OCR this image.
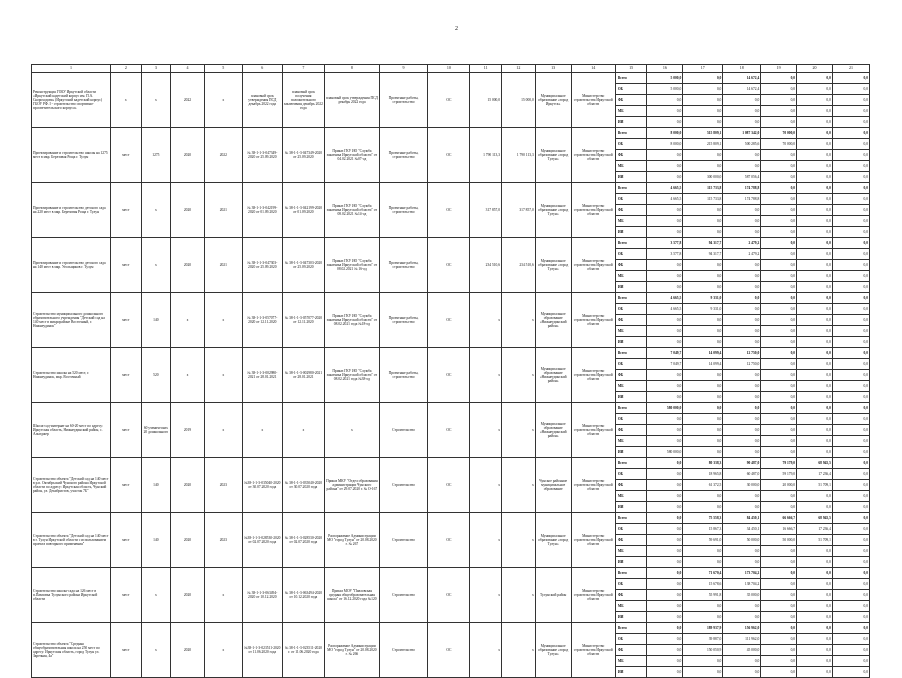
2
1	2	3	4	5	6	7	8	9	10	11	12	13	14	15	16	17	18	19	20	21
Реконструкция ГОБУ Иркутской области «Иркутский кадетский корпус им. П.А. Скороходова» (Иркутский кадетский корпус) ГБОУ РФ. I - строительство спортивно-просветительского корпуса»	x	x	2022	x	плановый срок утверждения ПСД декабрь 2022 года	плановый срок получения положительного заключения декабрь 2022 года	плановый срок утверждения ПСД декабрь 2022 года	Проектные работы, строительство	ОС	15 000,0	15 000,0	Муниципальное образование «город Иркутск»	Министерство строительства Иркутской области	Всего	5 000,0	0,0	14 672,4	0,0	0,0	0,0
														ОБ	5 000,0	0,0	14 672,4	0,0	0,0	0,0
														ФБ	0,0	0,0	0,0	0,0	0,0	0,0
														МБ	0,0	0,0	0,0	0,0	0,0	0,0
														ИИ	0,0	0,0	0,0	0,0	0,0	0,0
Проектирование и строительство школы на 1275 мест в мкр. Березовая Роща г. Тулун	мест	1275	2020	2022	№ 38-1-1-3-047349-2020 от 25.09.2020	№ 38-1-1-3-047349-2020 от 25.09.2020	Приказ ГКУ ИО "Служба заказчика Иркутской области" от 04.02.2021 №07-од	Проектные работы, строительство	ОС	1 790 113,3	1 790 113,3	Муниципальное образование «город Тулун»	Министерство строительства Иркутской области	Всего	8 000,0	515 809,1	1 087 342,0	70 000,0	0,0	0,0
														ОБ	8 000,0	215 809,1	500 285,6	70 000,0	0,0	0,0
														ФБ	0,0	0,0	0,0	0,0	0,0	0,0
														МБ	0,0	0,0	0,0	0,0	0,0	0,0
														ИИ	0,0	300 000,0	587 056,4	0,0	0,0	0,0
Проектирование и строительство детского сада на 220 мест в мкр. Березовая Роща г. Тулун	мест	x	2020	2021	№ 38-1-1-3-042199-2020 от 01.09.2020	№ 38-1-1-3-042199-2020 от 01.09.2020	Приказ ГКУ ИО "Служба заказчика Иркутской области" от 08.02.2021 №14-од	Проектные работы, строительство	ОС	317 857,0	317 857,0	Муниципальное образование «город Тулун»	Министерство строительства Иркутской области	Всего	4 665,5	115 733,8	174 788,8	0,0	0,0	0,0
														ОБ	4 665,5	115 733,8	174 788,8	0,0	0,0	0,0
														ФБ	0,0	0,0	0,0	0,0	0,0	0,0
														МБ	0,0	0,0	0,0	0,0	0,0	0,0
														ИИ	0,0	0,0	0,0	0,0	0,0	0,0
Проектирование и строительство детского сада на 140 мест в мкр. Угольщиков г. Тулун	мест	x	2020	2021	№ 38-1-1-3-047303-2020 от 25.09.2020	№ 38-1-1-3-047303-2020 от 25.09.2020	Приказ ГКУ ИО "Служба заказчика Иркутской области" от 08.02.2021 № 16-од	Проектные работы, строительство	ОС	234 510,6	234 510,6	Муниципальное образование «город Тулун»	Министерство строительства Иркутской области	Всего	3 577,8	94 317,7	2 479,2	0,0	0,0	0,0
														ОБ	3 577,8	94 317,7	2 479,2	0,0	0,0	0,0
														ФБ	0,0	0,0	0,0	0,0	0,0	0,0
														МБ	0,0	0,0	0,0	0,0	0,0	0,0
														ИИ	0,0	0,0	0,0	0,0	0,0	0,0
Строительство муниципального дошкольного образовательного учреждения "Детский сад на 140 мест в микрорайоне Восточный, г. Нижнеудинск"	мест	140	x	x	№ 38-1-1-3-057077-2020 от 12.11.2020	№ 38-1-1-3-057077-2020 от 12.11.2020	Приказ ГКУ ИО "Служба заказчика Иркутской области" от 08.02.2021 года №18-од	Проектные работы, строительство	ОС	x	x	Муниципальное образование «Нижнеудинский район»	Министерство строительства Иркутской области	Всего	4 665,5	9 331,0	0,0	0,0	0,0	0,0
														ОБ	4 665,5	9 331,0	0,0	0,0	0,0	0,0
														ФБ	0,0	0,0	0,0	0,0	0,0	0,0
														МБ	0,0	0,0	0,0	0,0	0,0	0,0
														ИИ	0,0	0,0	0,0	0,0	0,0	0,0
Строительство школы на 520 мест, г. Нижнеудинск, мкр. Восточный	мест	520	x	x	№ 38-1-1-3-002980-2021 от 28.01.2021	№ 38-1-1-3-002980-2021 от 28.01.2021	Приказ ГКУ ИО "Служба заказчика Иркутской области" от 08.02.2021 года №38-од	Проектные работы, строительство	ОС	x	x	Муниципальное образование «Нижнеудинский район»	Министерство строительства Иркутской области	Всего	7 049,7	14 099,4	12 750,0	0,0	0,0	0,0
														ОБ	7 049,7	14 099,4	12 750,0	0,0	0,0	0,0
														ФБ	0,0	0,0	0,0	0,0	0,0	0,0
														МБ	0,0	0,0	0,0	0,0	0,0	0,0
														ИИ	0,0	0,0	0,0	0,0	0,0	0,0
Школа-сад-интернат на 60-20 мест по адресу: Иркутская область, Нижнеудинский район, с. Алыгджер	мест	60 ученических 20 дошкольного	2019	x	x	x	x	Строительство	ОС	x	x	Муниципальное образование «Нижнеудинский район»	Министерство строительства Иркутской области	Всего	580 000,0	0,0	0,0	0,0	0,0	0,0
														ОБ	0,0	0,0	0,0	0,0	0,0	0,0
														ФБ	0,0	0,0	0,0	0,0	0,0	0,0
														МБ	0,0	0,0	0,0	0,0	0,0	0,0
														ИИ	580 000,0	0,0	0,0	0,0	0,0	0,0
Строительство объекта "Детский сад на 140 мест в р.п. Октябрьский Чунского района Иркутской области по адресу: Иркутская область, Чунский район, ул. Декабристов, участок 7Б"	мест	140	2020	2023	№38-1-1-3-035040-2020 от 30.07.2020 года	№ 38-1-1-3-035040-2020 от 30.07.2020 года	Приказ МКУ "Отдел образования администрации Чунского района" от 29.07.2020 г. № О-167	Строительство	ОС	x	x	Чунское районное муниципальное образование	Министерство строительства Иркутской области	Всего	0,0	80 338,3	90 487,0	79 179,0	68 945,5	0,0
														ОБ	0,0	18 965,8	60 487,0	59 179,0	17 236,4	0,0
														ФБ	0,0	61 372,5	30 000,0	20 000,0	51 709,1	0,0
														МБ	0,0	0,0	0,0	0,0	0,0	0,0
														ИИ	0,0	0,0	0,0	0,0	0,0	0,0
Строительство объекта "Детский сад на 140 мест в г. Тулун Иркутской области с использованием проекта повторного применения"	мест	140	2020	2023	№38-1-1-3-028530-2020 от 02.07.2020 года	№ 38-1-1-3-028530-2020 от 02.07.2020 года	Распоряжение Администрации МО "город Тулун" от 20.08.2020 г. № 267	Строительство	ОС	x	x	Муниципальное образование «город Тулун»	Министерство строительства Иркутской области	Всего	0,0	75 558,3	84 450,1	66 666,7	68 945,5	0,0
														ОБ	0,0	15 867,3	34 450,1	16 666,7	17 236,4	0,0
														ФБ	0,0	59 691,0	50 000,0	50 000,0	51 709,1	0,0
														МБ	0,0	0,0	0,0	0,0	0,0	0,0
														ИИ	0,0	0,0	0,0	0,0	0,0	0,0
Строительство школы-сада на 126 мест в п.Павловка Тулунского района Иркутской области	мест	x	2020	x	№ 38-1-1-3-063494-2020 от 10.12.2020	№ 38-1-1-3-063494-2020 от 10.12.2020 года	Приказ МОУ "Павловская средняя общеобразовательная школа" от 16.12.2020 года №120	Строительство	ОС	x	x	Тулунский район	Министерство строительства Иркутской области	Всего	0,0	71 670,4	173 704,2	0,0	0,0	0,0
														ОБ	0,0	15 678,6	138 704,2	0,0	0,0	0,0
														ФБ	0,0	55 991,8	35 000,0	0,0	0,0	0,0
														МБ	0,0	0,0	0,0	0,0	0,0	0,0
														ИИ	0,0	0,0	0,0	0,0	0,0	0,0
Строительство объекта "Средняя общеобразовательная школа на 250 мест по адресу: Иркутская область, город Тулун ул. Заречная, 4а"	мест	x	2020	x	№38-1-1-3-023511-2020 от 11.06.2020 года	№ 38-1-1-3-023511-2020 г. от 11.06.2020 года	Распоряжение Администрации МО "город Тулун" от 20.08.2020 г. № 266	Строительство	ОС	x	x	Муниципальное образование «город Тулун»	Министерство строительства Иркутской области	Всего	0,0	189 937,9	156 962,0	0,0	0,0	0,0
														ОБ	0,0	39 887,0	111 962,0	0,0	0,0	0,0
														ФБ	0,0	150 050,9	45 000,0	0,0	0,0	0,0
														МБ	0,0	0,0	0,0	0,0	0,0	0,0
														ИИ	0,0	0,0	0,0	0,0	0,0	0,0
